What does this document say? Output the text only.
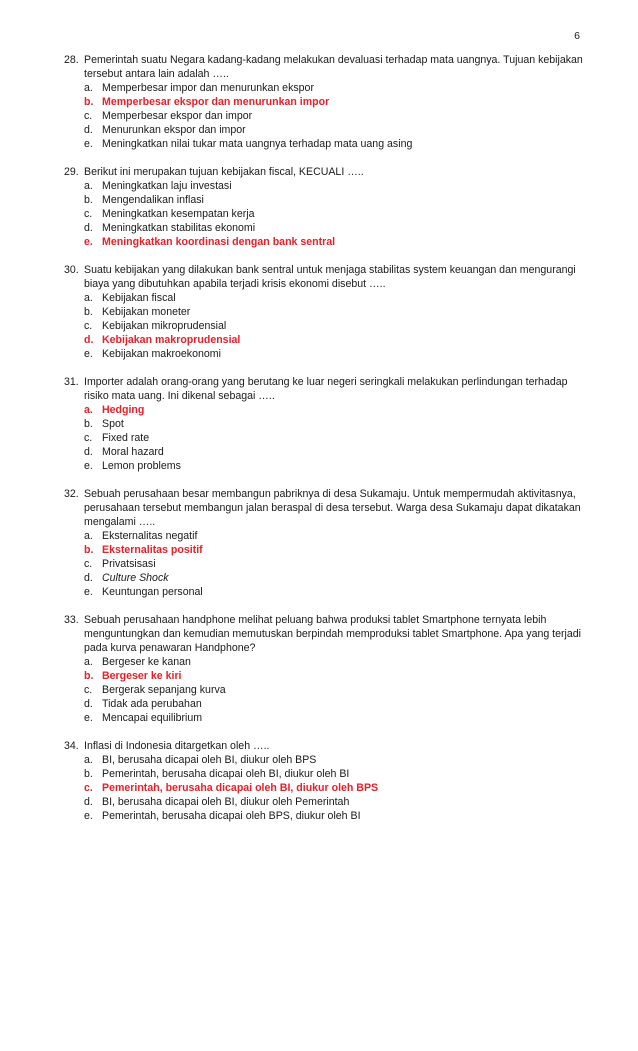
6
28. Pemerintah suatu Negara kadang-kadang melakukan devaluasi terhadap mata uangnya. Tujuan kebijakan tersebut antara lain adalah …..
a. Memperbesar impor dan menurunkan ekspor
b. Memperbesar ekspor dan menurunkan impor
c. Memperbesar ekspor dan impor
d. Menurunkan ekspor dan impor
e. Meningkatkan nilai tukar mata uangnya terhadap mata uang asing
29. Berikut ini merupakan tujuan kebijakan fiscal, KECUALI …..
a. Meningkatkan laju investasi
b. Mengendalikan inflasi
c. Meningkatkan kesempatan kerja
d. Meningkatkan stabilitas ekonomi
e. Meningkatkan koordinasi dengan bank sentral
30. Suatu kebijakan yang dilakukan bank sentral untuk menjaga stabilitas system keuangan dan mengurangi biaya yang dibutuhkan apabila terjadi krisis ekonomi disebut …..
a. Kebijakan fiscal
b. Kebijakan moneter
c. Kebijakan mikroprudensial
d. Kebijakan makroprudensial
e. Kebijakan makroekonomi
31. Importer adalah orang-orang yang berutang ke luar negeri seringkali melakukan perlindungan terhadap risiko mata uang. Ini dikenal sebagai …..
a. Hedging
b. Spot
c. Fixed rate
d. Moral hazard
e. Lemon problems
32. Sebuah perusahaan besar membangun pabriknya di desa Sukamaju. Untuk mempermudah aktivitasnya, perusahaan tersebut membangun jalan beraspal di desa tersebut. Warga desa Sukamaju dapat dikatakan mengalami …..
a. Eksternalitas negatif
b. Eksternalitas positif
c. Privatsisasi
d. Culture Shock
e. Keuntungan personal
33. Sebuah perusahaan handphone melihat peluang bahwa produksi tablet Smartphone ternyata lebih menguntungkan dan kemudian memutuskan berpindah memproduksi tablet Smartphone. Apa yang terjadi pada kurva penawaran Handphone?
a. Bergeser ke kanan
b. Bergeser ke kiri
c. Bergerak sepanjang kurva
d. Tidak ada perubahan
e. Mencapai equilibrium
34. Inflasi di Indonesia ditargetkan oleh …..
a. BI, berusaha dicapai oleh BI, diukur oleh BPS
b. Pemerintah, berusaha dicapai oleh BI, diukur oleh BI
c. Pemerintah, berusaha dicapai oleh BI, diukur oleh BPS
d. BI, berusaha dicapai oleh BI, diukur oleh Pemerintah
e. Pemerintah, berusaha dicapai oleh BPS, diukur oleh BI
